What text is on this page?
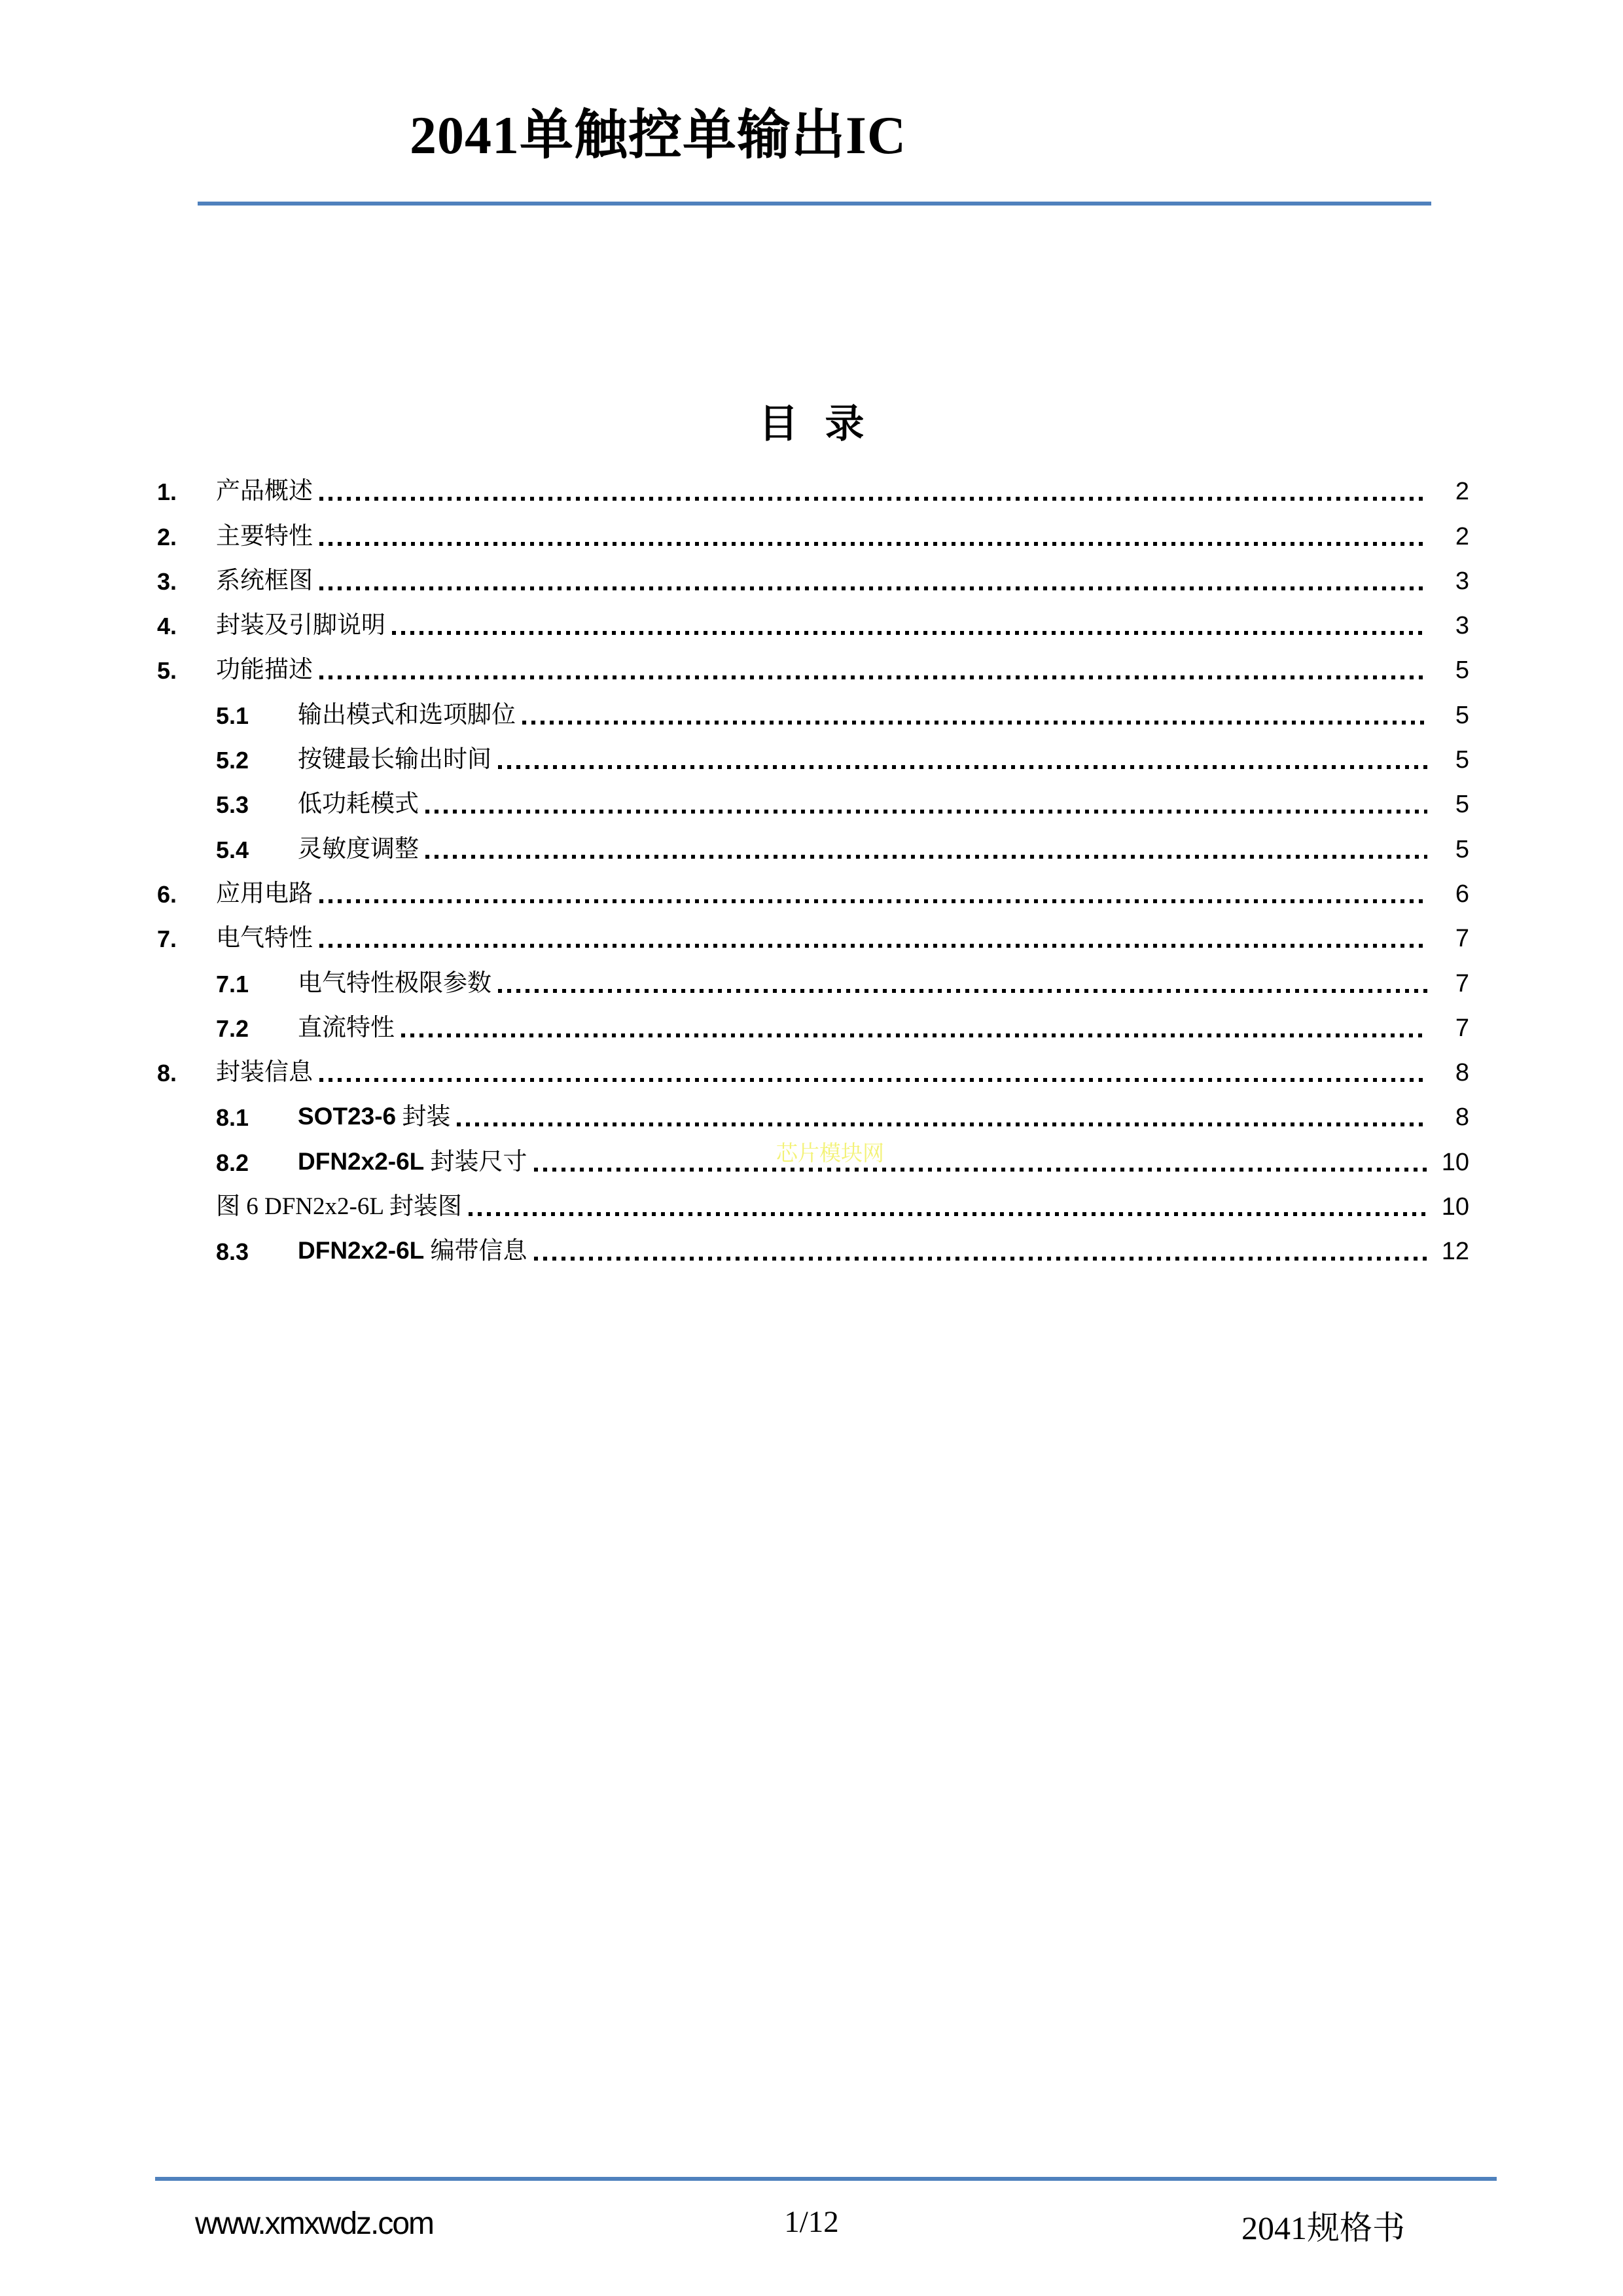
2041单触控单输出IC
目 录
1.	产品概述	2
2.	主要特性	2
3.	系统框图	3
4.	封装及引脚说明	3
5.	功能描述	5
5.1	输出模式和选项脚位	5
5.2	按键最长输出时间	5
5.3	低功耗模式	5
5.4	灵敏度调整	5
6.	应用电路	6
7.	电气特性	7
7.1	电气特性极限参数	7
7.2	直流特性	7
8.	封装信息	8
8.1	SOT23-6 封装	8
8.2	DFN2x2-6L 封装尺寸	10
图 6 DFN2x2-6L 封装图	10
8.3	DFN2x2-6L 编带信息	12
芯片模块网
www.xmxwdz.com	1/12	2041规格书
